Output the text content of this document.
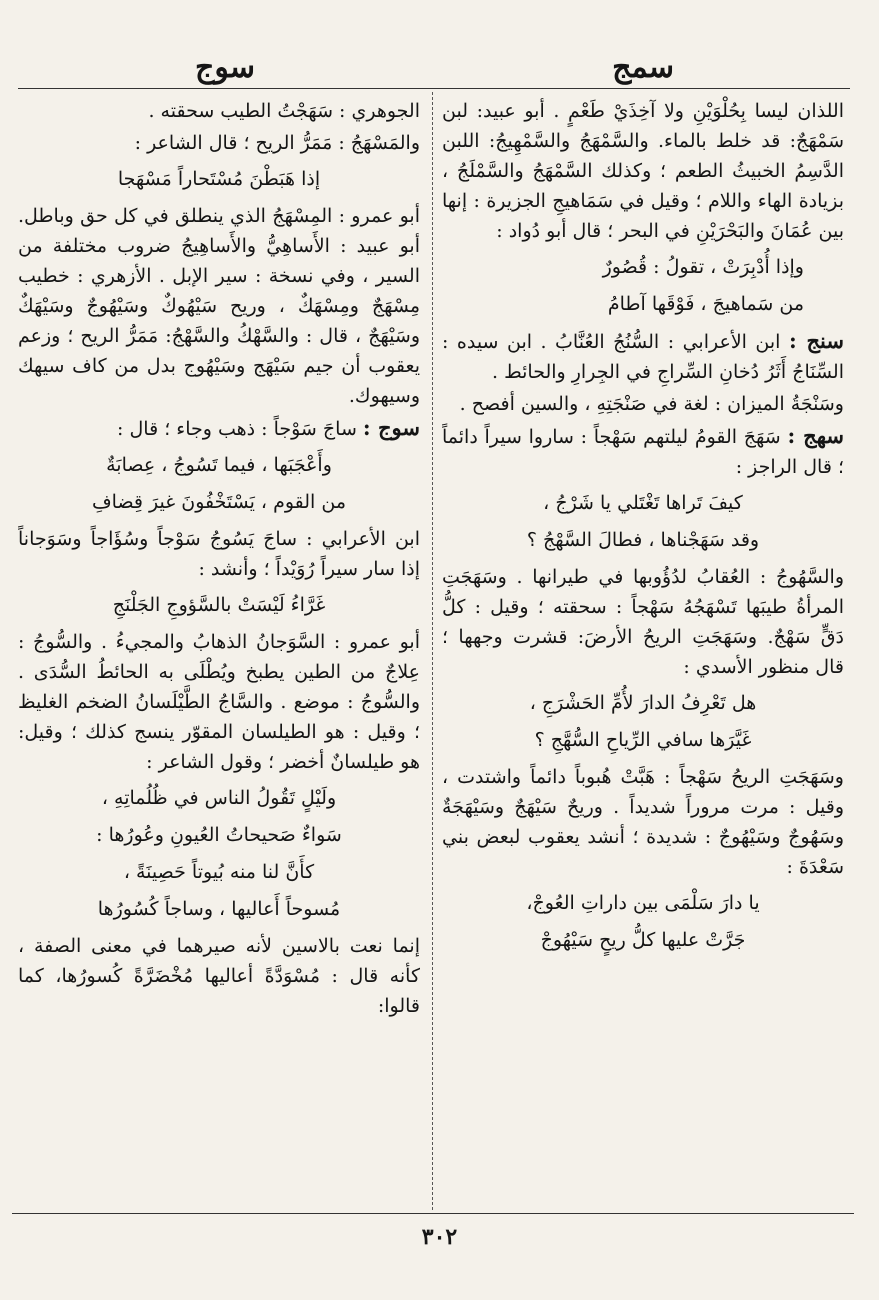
سمج
سوج

اللذان ليسا بِحُلْوَيْنِ ولا آخِذَيْ طَعْمٍ . أبو عبيد: لبن سَمْهَجٌ: قد خلط بالماء. والسَّمْهَجُ والسَّمْهِيجُ: اللبن الدَّسِمُ الخبيثُ الطعم ؛ وكذلك السَّمْهَجُ والسَّمْلَجُ ، بزيادة الهاء واللام ؛ وقيل في سَمَاهيجِ الجزيرة : إنها بين عُمَانَ والبَحْرَيْنِ في البحر ؛ قال أبو دُواد :

وإذا أُدْبِرَتْ ، تقولُ : قُصُورٌ

من سَماهيجَ ، فَوْقَها آطامُ

سنج : ابن الأعرابي : السُّنُجُ العُنَّابُ . ابن سيده : السِّنَاجُ أَثَرُ دُخانِ السِّراجِ في الجِرارِ والحائط .

وسَنْجَةُ الميزان : لغة في صَنْجَتِهِ ، والسين أفصح .

سهج : سَهَجَ القومُ ليلتهم سَهْجاً : ساروا سيراً دائماً ؛ قال الراجز :

كيفَ تَراها تَغْتَلي يا شَرْجُ ،

وقد سَهَجْناها ، فطالَ السَّهْجُ ؟

والسَّهُوجُ : العُقابُ لدُؤُوبها في طيرانها . وسَهَجَتِ المرأةُ طيبَها تَسْهَجُهُ سَهْجاً : سحقته ؛ وقيل : كلُّ دَقٍّ سَهْجٌ. وسَهَجَتِ الريحُ الأرضَ: قشرت وجهها ؛ قال منظور الأسدي :

هل تَعْرِفُ الدارَ لأُمِّ الحَشْرَجِ ،

غَيَّرَها سافي الرِّياحِ السُّهَّجِ ؟

وسَهَجَتِ الريحُ سَهْجاً : هَبَّتْ هُبوباً دائماً واشتدت ، وقيل : مرت مروراً شديداً . وريحٌ سَيْهَجٌ وسَيْهَجَةٌ وسَهُوجٌ وسَيْهُوجٌ : شديدة ؛ أنشد يعقوب لبعض بني سَعْدَةَ :

يا دارَ سَلْمَى بين داراتِ العُوجْ،

جَرَّتْ عليها كلُّ ريحٍ سَيْهُوجْ

الجوهري : سَهَجْتُ الطيب سحقته .

والمَسْهَجُ : مَمَرُّ الريح ؛ قال الشاعر :

إذا هَبَطْنَ مُسْتَحاراً مَسْهَجا

أبو عمرو : المِسْهَجُ الذي ينطلق في كل حق وباطل. أبو عبيد : الأَساهِيُّ والأَساهِيجُ ضروب مختلفة من السير ، وفي نسخة : سير الإبل . الأزهري : خطيب مِسْهَجٌ ومِسْهَكٌ ، وريح سَيْهُوكٌ وسَيْهُوجٌ وسَيْهَكٌ وسَيْهَجٌ ، قال : والسَّهْكُ والسَّهْجُ: مَمَرُّ الريح ؛ وزعم يعقوب أن جيم سَيْهَج وسَيْهُوج بدل من كاف سيهك وسيهوك.

سوج : ساجَ سَوْجاً : ذهب وجاء ؛ قال :

وأَعْجَبَها ، فيما تَسُوجُ ، عِصابَةٌ

من القوم ، يَسْتَخْفُونَ غيرَ قِضافِ

ابن الأعرابي : ساجَ يَسُوجُ سَوْجاً وسُؤَاجاً وسَوَجاناً إذا سار سيراً رُوَيْداً ؛ وأنشد :

غَرَّاءُ لَيْسَتْ بالسَّؤوجِ الجَلْنَجِ

أبو عمرو : السَّوَجانُ الذهابُ والمجيءُ . والسُّوجُ : عِلاجٌ من الطين يطبخ ويُطْلَى به الحائطُ السُّدَى . والسُّوجُ : موضع . والسَّاجُ الطَّيْلَسانُ الضخم الغليظ ؛ وقيل : هو الطيلسان المقوّر ينسج كذلك ؛ وقيل: هو طيلسانٌ أخضر ؛ وقول الشاعر :

ولَيْلٍ تَقُولُ الناس في ظُلُماتِهِ ،

سَواءٌ صَحيحاتُ العُيونِ وعُورُها :

كأَنَّ لنا منه بُيوتاً حَصِينَةً ،

مُسوحاً أَعاليها ، وساجاً كُسُورُها

إنما نعت بالاسين لأنه صيرهما في معنى الصفة ، كأنه قال : مُسْوَدَّةً أعاليها مُخْضَرَّةً كُسورُها، كما قالوا:

٣٠٢
